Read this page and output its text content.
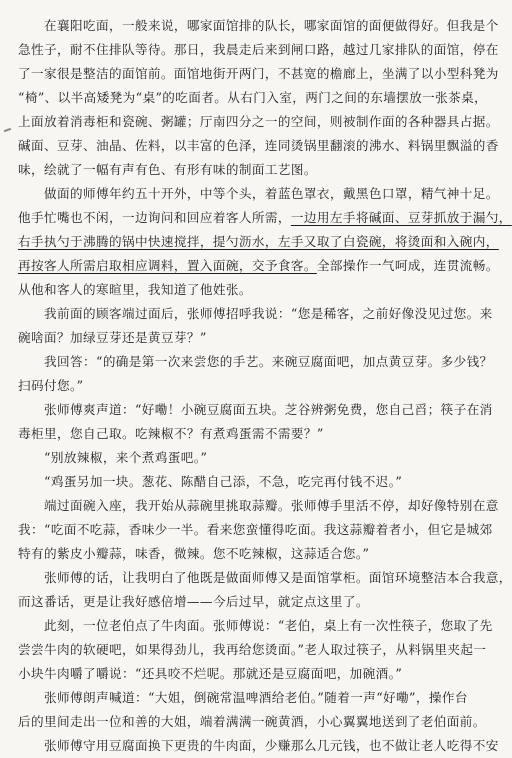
在襄阳吃面，一般来说，哪家面馆排的队长，哪家面馆的面便做得好。但我是个
急性子，耐不住排队等待。那日，我晨走后来到闸口路，越过几家排队的面馆，停在
了一家很是整洁的面馆前。面馆地街开两门，不甚宽的檐廊上，坐满了以小型科凳为
“椅”、以半高矮凳为“桌”的吃面者。从右门入室，两门之间的东墙摆放一张茶桌，
上面放着消毒柜和瓷碗、粥罐；厅南四分之一的空间，则被制作面的各种器具占据。
碱面、豆芽、油晶、佐料，以丰富的色泽，连同烫锅里翻滚的沸水、料锅里飘溢的香
味，绘就了一幅有声有色、有形有味的制面工艺图。
做面的师傅年约五十开外，中等个头，着蓝色罩衣，戴黑色口罩，精气神十足。
他手忙嘴也不闲，一边询问和回应着客人所需，一边用左手将碱面、豆芽抓放于漏勺，
右手执勺于沸腾的锅中快速搅拌，提勺沥水，左手又取了白瓷碗，将烫面和入碗内，
再按客人所需启取相应调料，置入面碗，交予食客。全部操作一气呵成，连贯流畅。
从他和客人的寒暄里，我知道了他姓张。
我前面的顾客端过面后，张师傅招呼我说：“您是稀客，之前好像没见过您。来
碗啥面？加绿豆芽还是黄豆芽？”
我回答：“的确是第一次来尝您的手艺。来碗豆腐面吧，加点黄豆芽。多少钱？
扫码付您。”
张师傅爽声道：“好嘞！小碗豆腐面五块。芝谷辨粥免费，您自己舀；筷子在消
毒柜里，您自己取。吃辣椒不？有煮鸡蛋需不需要？”
“别放辣椒，来个煮鸡蛋吧。”
“鸡蛋另加一块。葱花、陈醋自己添，不急，吃完再付钱不迟。”
端过面碗入座，我开始从蒜碗里挑取蒜瓣。张师傅手里活不停，却好像特别在意
我：“吃面不吃蒜，香味少一半。看来您蛮懂得吃面。我这蒜瓣着者小，但它是城郊
特有的紫皮小瓣蒜，味香，微辣。您不吃辣椒，这蒜适合您。”
张师傅的话，让我明白了他既是做面师傅又是面馆掌柜。面馆环境整洁本合我意，
而这番话，更是让我好感倍增——今后过早，就定点这里了。
此刻，一位老伯点了牛肉面。张师傅说：“老伯，桌上有一次性筷子，您取了先
尝尝牛肉的软硬吧，如果得劲儿，我再给您烫面。”老人取过筷子，从料锅里夹起一
小块牛肉嚼了嚼说：“还具咬不烂呢。那就还是豆腐面吧，加碗酒。”
张师傅朗声喊道：“大姐，倒碗常温啤酒给老伯。”随着一声“好嘞”，操作台
后的里间走出一位和善的大姐，端着满满一碗黄酒，小心翼翼地送到了老伯面前。
张师傅守用豆腐面换下更贵的牛肉面，少赚那么几元钱，也不做让老人吃得不安
